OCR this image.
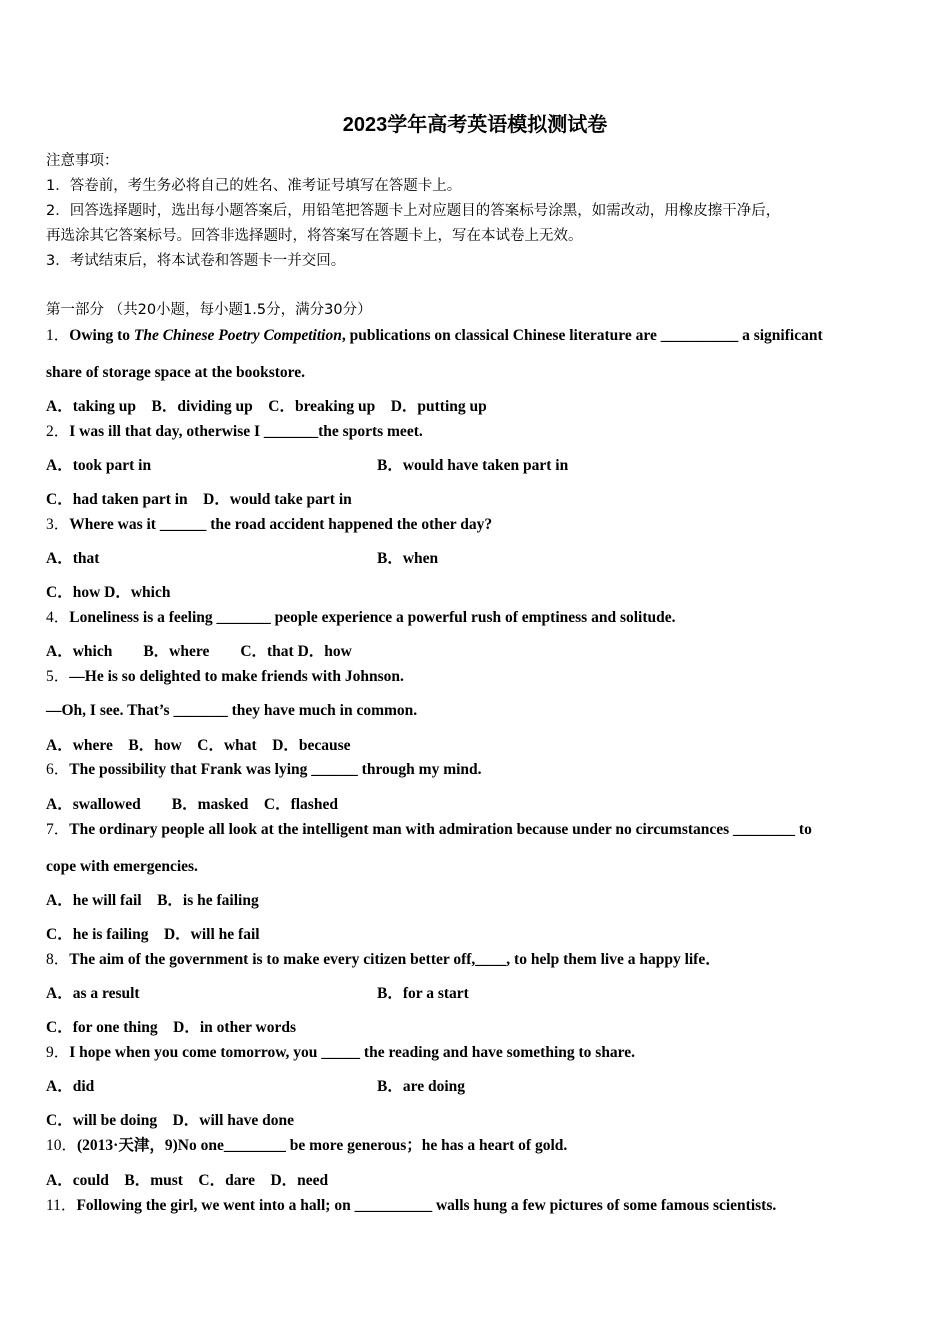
2023学年高考英语模拟测试卷
注意事项：
1．答卷前，考生务必将自己的姓名、准考证号填写在答题卡上。
2．回答选择题时，选出每小题答案后，用铅笔把答题卡上对应题目的答案标号涂黑，如需改动，用橡皮擦干净后，
再选涂其它答案标号。回答非选择题时，将答案写在答题卡上，写在本试卷上无效。
3．考试结束后，将本试卷和答题卡一并交回。
第一部分 （共20小题，每小题1.5分，满分30分）
1．Owing to The Chinese Poetry Competition, publications on classical Chinese literature are __________ a significant
share of storage space at the bookstore.
A．taking up　B．dividing up　C．breaking up　D．putting up
2．I was ill that day, otherwise I _______the sports meet.
A．took part in	B．would have taken part in
C．had taken part in　D．would take part in
3．Where was it ______ the road accident happened the other day?
A．that	B．when
C．how D．which
4．Loneliness is a feeling _______ people experience a powerful rush of emptiness and solitude.
A．which　　B．where　　C．that D．how
5．—He is so delighted to make friends with Johnson.
—Oh, I see. That’s _______ they have much in common.
A．where　B．how　C．what　D．because
6．The possibility that Frank was lying ______ through my mind.
A．swallowed　　B．masked　C．flashed
7．The ordinary people all look at the intelligent man with admiration because under no circumstances ________ to
cope with emergencies.
A．he will fail　B．is he failing
C．he is failing　D．will he fail
8．The aim of the government is to make every citizen better off,____, to help them live a happy life．
A．as a result	B．for a start
C．for one thing　D．in other words
9．I hope when you come tomorrow, you _____ the reading and have something to share.
A．did	B．are doing
C．will be doing　D．will have done
10．(2013·天津，9)No one________ be more generous；he has a heart of gold.
A．could　B．must　C．dare　D．need
11．Following the girl, we went into a hall; on __________ walls hung a few pictures of some famous scientists.
